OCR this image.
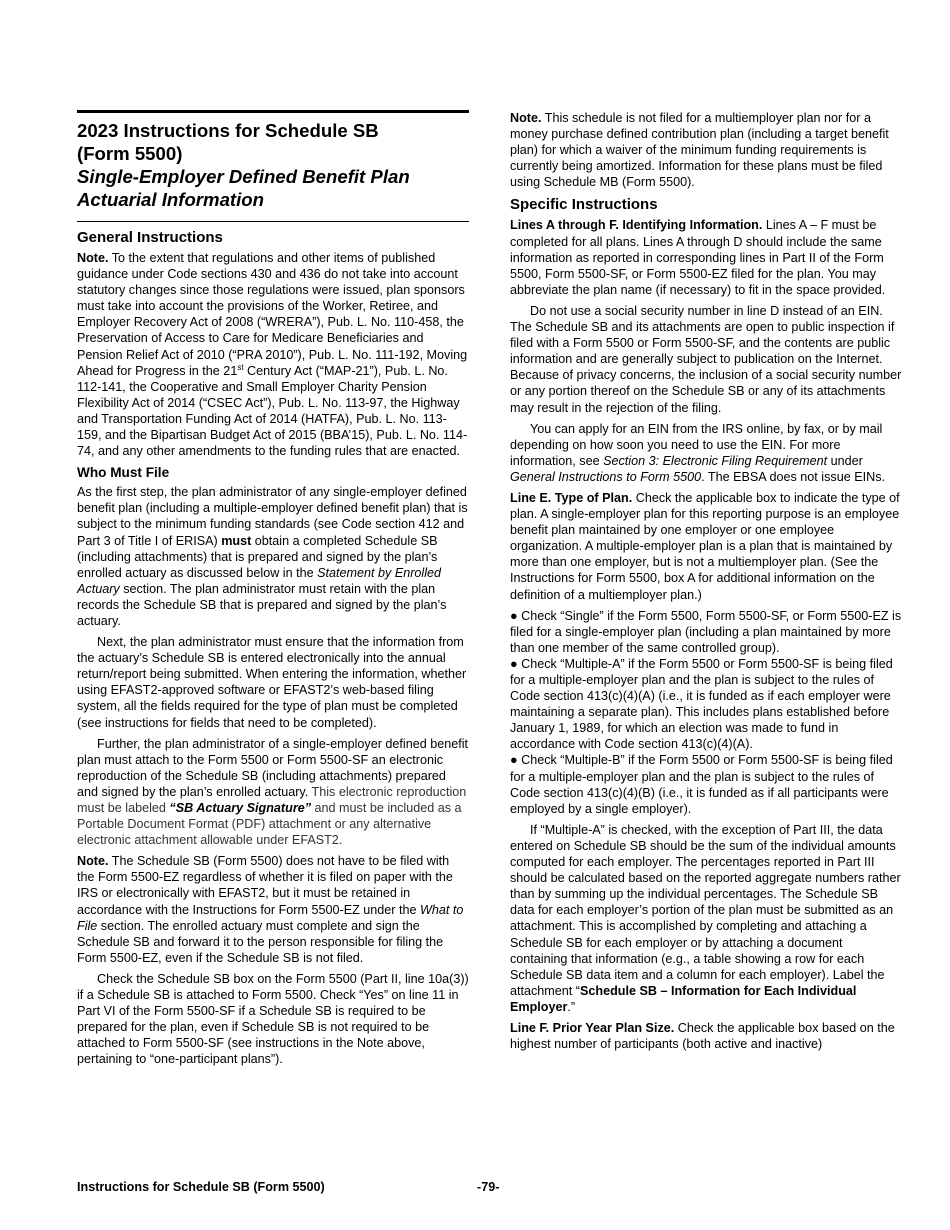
2023 Instructions for Schedule SB
(Form 5500)
Single-Employer Defined Benefit Plan
Actuarial Information
General Instructions

Note. To the extent that regulations and other items of published guidance under Code sections 430 and 436 do not take into account statutory changes since those regulations were issued, plan sponsors must take into account the provisions of the Worker, Retiree, and Employer Recovery Act of 2008 (“WRERA”), Pub. L. No. 110-458, the Preservation of Access to Care for Medicare Beneficiaries and Pension Relief Act of 2010 (“PRA 2010”), Pub. L. No. 111-192, Moving Ahead for Progress in the 21st Century Act (“MAP-21”), Pub. L. No. 112-141, the Cooperative and Small Employer Charity Pension Flexibility Act of 2014 (“CSEC Act”), Pub. L. No. 113-97, the Highway and Transportation Funding Act of 2014 (HATFA), Pub. L. No. 113-159, and the Bipartisan Budget Act of 2015 (BBA’15), Pub. L. No. 114-74, and any other amendments to the funding rules that are enacted.

Who Must File

As the first step, the plan administrator of any single-employer defined benefit plan (including a multiple-employer defined benefit plan) that is subject to the minimum funding standards (see Code section 412 and Part 3 of Title I of ERISA) must obtain a completed Schedule SB (including attachments) that is prepared and signed by the plan’s enrolled actuary as discussed below in the Statement by Enrolled Actuary section. The plan administrator must retain with the plan records the Schedule SB that is prepared and signed by the plan’s actuary.

Next, the plan administrator must ensure that the information from the actuary’s Schedule SB is entered electronically into the annual return/report being submitted. When entering the information, whether using EFAST2-approved software or EFAST2’s web-based filing system, all the fields required for the type of plan must be completed (see instructions for fields that need to be completed).

Further, the plan administrator of a single-employer defined benefit plan must attach to the Form 5500 or Form 5500-SF an electronic reproduction of the Schedule SB (including attachments) prepared and signed by the plan’s enrolled actuary. This electronic reproduction must be labeled “SB Actuary Signature” and must be included as a Portable Document Format (PDF) attachment or any alternative electronic attachment allowable under EFAST2.

Note. The Schedule SB (Form 5500) does not have to be filed with the Form 5500-EZ regardless of whether it is filed on paper with the IRS or electronically with EFAST2, but it must be retained in accordance with the Instructions for Form 5500-EZ under the What to File section. The enrolled actuary must complete and sign the Schedule SB and forward it to the person responsible for filing the Form 5500-EZ, even if the Schedule SB is not filed.

Check the Schedule SB box on the Form 5500 (Part II, line 10a(3)) if a Schedule SB is attached to Form 5500. Check “Yes” on line 11 in Part VI of the Form 5500-SF if a Schedule SB is required to be prepared for the plan, even if Schedule SB is not required to be attached to Form 5500-SF (see instructions in the Note above, pertaining to “one-participant plans”).

Note. This schedule is not filed for a multiemployer plan nor for a money purchase defined contribution plan (including a target benefit plan) for which a waiver of the minimum funding requirements is currently being amortized. Information for these plans must be filed using Schedule MB (Form 5500).

Specific Instructions

Lines A through F. Identifying Information. Lines A – F must be completed for all plans. Lines A through D should include the same information as reported in corresponding lines in Part II of the Form 5500, Form 5500-SF, or Form 5500-EZ filed for the plan. You may abbreviate the plan name (if necessary) to fit in the space provided.

Do not use a social security number in line D instead of an EIN. The Schedule SB and its attachments are open to public inspection if filed with a Form 5500 or Form 5500-SF, and the contents are public information and are generally subject to publication on the Internet. Because of privacy concerns, the inclusion of a social security number or any portion thereof on the Schedule SB or any of its attachments may result in the rejection of the filing.

You can apply for an EIN from the IRS online, by fax, or by mail depending on how soon you need to use the EIN. For more information, see Section 3: Electronic Filing Requirement under General Instructions to Form 5500. The EBSA does not issue EINs.

Line E. Type of Plan. Check the applicable box to indicate the type of plan. A single-employer plan for this reporting purpose is an employee benefit plan maintained by one employer or one employee organization. A multiple-employer plan is a plan that is maintained by more than one employer, but is not a multiemployer plan. (See the Instructions for Form 5500, box A for additional information on the definition of a multiemployer plan.)

● Check “Single” if the Form 5500, Form 5500-SF, or Form 5500-EZ is filed for a single-employer plan (including a plan maintained by more than one member of the same controlled group).

● Check “Multiple-A” if the Form 5500 or Form 5500-SF is being filed for a multiple-employer plan and the plan is subject to the rules of Code section 413(c)(4)(A) (i.e., it is funded as if each employer were maintaining a separate plan). This includes plans established before January 1, 1989, for which an election was made to fund in accordance with Code section 413(c)(4)(A).

● Check “Multiple-B” if the Form 5500 or Form 5500-SF is being filed for a multiple-employer plan and the plan is subject to the rules of Code section 413(c)(4)(B) (i.e., it is funded as if all participants were employed by a single employer).

If “Multiple-A” is checked, with the exception of Part III, the data entered on Schedule SB should be the sum of the individual amounts computed for each employer. The percentages reported in Part III should be calculated based on the reported aggregate numbers rather than by summing up the individual percentages. The Schedule SB data for each employer’s portion of the plan must be submitted as an attachment. This is accomplished by completing and attaching a Schedule SB for each employer or by attaching a document containing that information (e.g., a table showing a row for each Schedule SB data item and a column for each employer). Label the attachment “Schedule SB – Information for Each Individual Employer.”

Line F. Prior Year Plan Size. Check the applicable box based on the highest number of participants (both active and inactive)

Instructions for Schedule SB (Form 5500)	-79-
